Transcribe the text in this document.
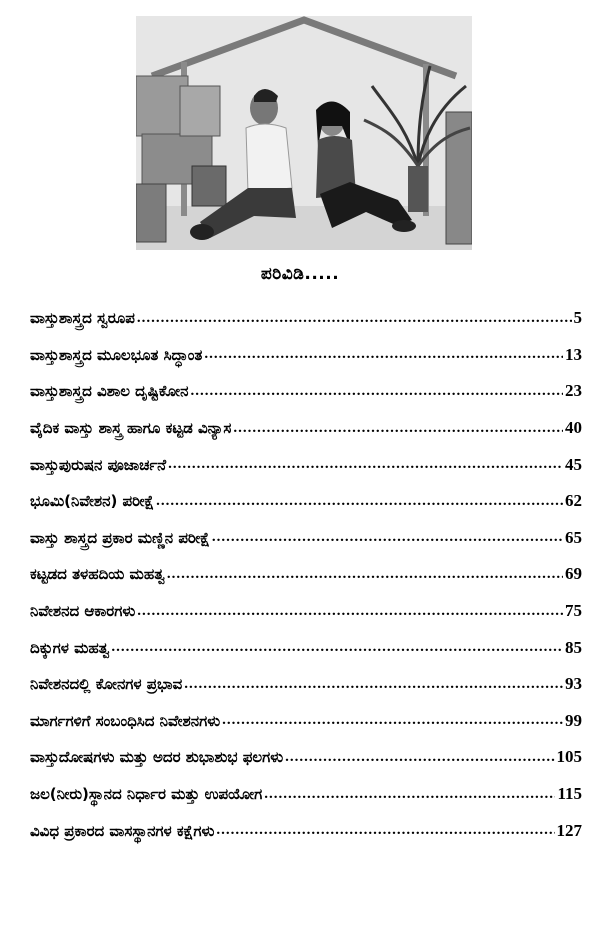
ಪರಿವಿಡಿ.....
ವಾಸ್ತುಶಾಸ್ತ್ರದ ಸ್ವರೂಪ .....	5
ವಾಸ್ತುಶಾಸ್ತ್ರದ ಮೂಲಭೂತ ಸಿದ್ಧಾಂತ .....	13
ವಾಸ್ತುಶಾಸ್ತ್ರದ ವಿಶಾಲ ದೃಷ್ಟಿಕೋನ .....	23
ವೈದಿಕ ವಾಸ್ತು ಶಾಸ್ತ್ರ ಹಾಗೂ ಕಟ್ಟಡ ವಿನ್ಯಾಸ .....	40
ವಾಸ್ತುಪುರುಷನ ಪೂಜಾರ್ಚನೆ .....	45
ಭೂಮಿ(ನಿವೇಶನ) ಪರೀಕ್ಷೆ .....	62
ವಾಸ್ತು ಶಾಸ್ತ್ರದ ಪ್ರಕಾರ ಮಣ್ಣಿನ ಪರೀಕ್ಷೆ .....	65
ಕಟ್ಟಡದ ತಳಹದಿಯ ಮಹತ್ವ .....	69
ನಿವೇಶನದ ಆಕಾರಗಳು .....	75
ದಿಕ್ಕುಗಳ ಮಹತ್ವ .....	85
ನಿವೇಶನದಲ್ಲಿ ಕೋನಗಳ ಪ್ರಭಾವ .....	93
ಮಾರ್ಗಗಳಿಗೆ ಸಂಬಂಧಿಸಿದ ನಿವೇಶನಗಳು .....	99
ವಾಸ್ತುದೋಷಗಳು ಮತ್ತು ಅದರ ಶುಭಾಶುಭ ಫಲಗಳು .....	105
ಜಲ(ನೀರು)ಸ್ಥಾನದ ನಿರ್ಧಾರ ಮತ್ತು ಉಪಯೋಗ .....	115
ವಿವಿಧ ಪ್ರಕಾರದ ವಾಸಸ್ಥಾನಗಳ ಕಕ್ಷೆಗಳು .....	127
